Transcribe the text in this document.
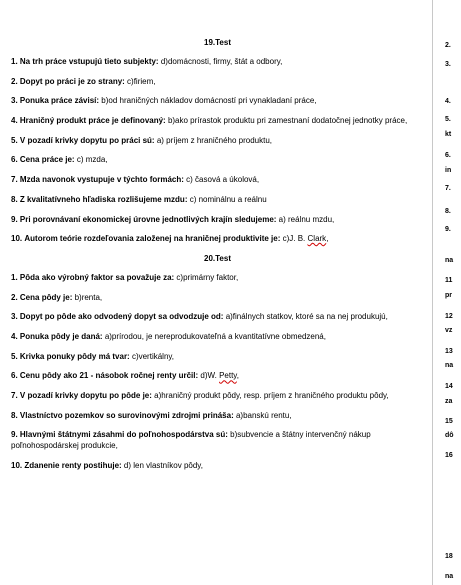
19.Test
1. Na trh práce vstupujú tieto subjekty: d)domácnosti, firmy, štát a odbory,
2. Dopyt po práci je zo strany: c)firiem,
3. Ponuka práce závisí: b)od hraničných nákladov domácností pri vynakladaní práce,
4. Hraničný produkt práce je definovaný: b)ako prírastok produktu pri zamestnaní dodatočnej jednotky práce,
5. V pozadí krivky dopytu po práci sú: a) príjem z hraničného produktu,
6. Cena práce je: c) mzda,
7. Mzda navonok vystupuje v týchto formách: c) časová a úkolová,
8. Z kvalitatívneho hľadiska rozlišujeme mzdu: c) nominálnu a reálnu
9. Pri porovnávaní ekonomickej úrovne jednotlivých krajín sledujeme: a) reálnu mzdu,
10. Autorom teórie rozdeľovania založenej na hraničnej produktivite je: c)J. B. Clark,
20.Test
1. Pôda ako výrobný faktor sa považuje za: c)primárny faktor,
2. Cena pôdy je: b)renta,
3. Dopyt po pôde ako odvodený dopyt sa odvodzuje od: a)finálnych statkov, ktoré sa na nej produkujú,
4. Ponuka pôdy je daná: a)prírodou, je nereprodukovateľná a kvantitatívne obmedzená,
5. Krivka ponuky pôdy má tvar: c)vertikálny,
6. Cenu pôdy ako 21 - násobok ročnej renty určil: d)W. Petty,
7. V pozadí krivky dopytu po pôde je: a)hraničný produkt pôdy, resp. príjem z hraničného produktu pôdy,
8. Vlastníctvo pozemkov so surovinovými zdrojmi prináša: a)banskú rentu,
9. Hlavnými štátnymi zásahmi do poľnohospodárstva sú: b)subvencie a štátny intervenčný nákup poľnohospodárskej produkcie,
10. Zdanenie renty postihuje: d) len vlastníkov pôdy,
2.
3.
4.
5.
kt
6.
in
7.
8.
9.
na
11
pr
12
vz
13
na
14
za
15
dô
16
18
na
